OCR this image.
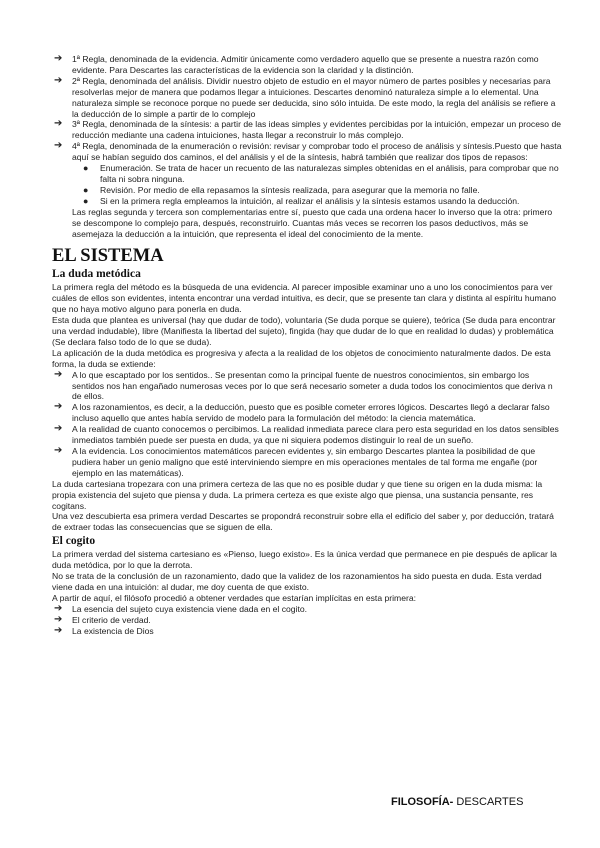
➔ 1ª Regla, denominada de la evidencia. Admitir únicamente como verdadero aquello que se presente a nuestra razón como evidente. Para Descartes las características de la evidencia son la claridad y la distinción.

➔ 2ª Regla, denominada del análisis. Dividir nuestro objeto de estudio en el mayor número de partes posibles y necesarias para resolverlas mejor de manera que podamos llegar a intuiciones. Descartes denominó naturaleza simple a lo elemental. Una naturaleza simple se reconoce porque no puede ser deducida, sino sólo intuida. De este modo, la regla del análisis se refiere a la deducción de lo simple a partir de lo complejo

➔ 3ª Regla, denominada de la síntesis: a partir de las ideas simples y evidentes percibidas por la intuición, empezar un proceso de reducción mediante una cadena intuiciones, hasta llegar a reconstruir lo más complejo.

➔ 4ª Regla, denominada de la enumeración o revisión: revisar y comprobar todo el proceso de análisis y síntesis.Puesto que hasta aquí se habían seguido dos caminos, el del análisis y el de la síntesis, habrá también que realizar dos tipos de repasos:

● Enumeración. Se trata de hacer un recuento de las naturalezas simples obtenidas en el análisis, para comprobar que no falta ni sobra ninguna.

● Revisión. Por medio de ella repasamos la síntesis realizada, para asegurar que la memoria no falle.

● Si en la primera regla empleamos la intuición, al realizar el análisis y la síntesis estamos usando la deducción.

Las reglas segunda y tercera son complementarias entre sí, puesto que cada una ordena hacer lo inverso que la otra: primero se descompone lo complejo para, después, reconstruirlo. Cuantas más veces se recorren los pasos deductivos, más se asemejaza la deducción a la intuición, que representa el ideal del conocimiento de la mente.

EL SISTEMA
La duda metódica

La primera regla del método es la búsqueda de una evidencia. Al parecer imposible examinar uno a uno los conocimientos para ver cuáles de ellos son evidentes, intenta encontrar una verdad intuitiva, es decir, que se presente tan clara y distinta al espíritu humano que no haya motivo alguno para ponerla en duda.

Esta duda que plantea es universal (hay que dudar de todo), voluntaria (Se duda porque se quiere), teórica (Se duda para encontrar una verdad indudable), libre (Manifiesta la libertad del sujeto), fingida (hay que dudar de lo que en realidad lo dudas) y problemática (Se declara falso todo de lo que se duda).

La aplicación de la duda metódica es progresiva y afecta a la realidad de los objetos de conocimiento naturalmente dados. De esta forma, la duda se extiende:

➔ A lo que escaptado por los sentidos.. Se presentan como la principal fuente de nuestros conocimientos, sin embargo los sentidos nos han engañado numerosas veces por lo que será necesario someter a duda todos los conocimientos que deriva n de ellos.

➔ A los razonamientos, es decir, a la deducción, puesto que es posible cometer errores lógicos. Descartes llegó a declarar falso incluso aquello que antes había servido de modelo para la formulación del método: la ciencia matemática.

➔ A la realidad de cuanto conocemos o percibimos. La realidad inmediata parece clara pero esta seguridad en los datos sensibles inmediatos también puede ser puesta en duda, ya que ni siquiera podemos distinguir lo real de un sueño.

➔ A la evidencia. Los conocimientos matemáticos parecen evidentes y, sin embargo Descartes plantea la posibilidad de que pudiera haber un genio maligno que esté interviniendo siempre en mis operaciones mentales de tal forma me engañe (por ejemplo en las matemáticas).

La duda cartesiana tropezara con una primera certeza de las que no es posible dudar y que tiene su origen en la duda misma: la propia existencia del sujeto que piensa y duda. La primera certeza es que existe algo que piensa, una sustancia pensante, res cogitans.

Una vez descubierta esa primera verdad Descartes se propondrá reconstruir sobre ella el edificio del saber y, por deducción, tratará de extraer todas las consecuencias que se siguen de ella.

El cogito

La primera verdad del sistema cartesiano es «Pienso, luego existo». Es la única verdad que permanece en pie después de aplicar la duda metódica, por lo que la derrota.

No se trata de la conclusión de un razonamiento, dado que la validez de los razonamientos ha sido puesta en duda. Esta verdad viene dada en una intuición: al dudar, me doy cuenta de que existo.

A partir de aquí, el filósofo procedió a obtener verdades que estarían implícitas en esta primera:

➔ La esencia del sujeto cuya existencia viene dada en el cogito.

➔ El criterio de verdad.

➔ La existencia de Dios

FILOSOFÍA- DESCARTES
